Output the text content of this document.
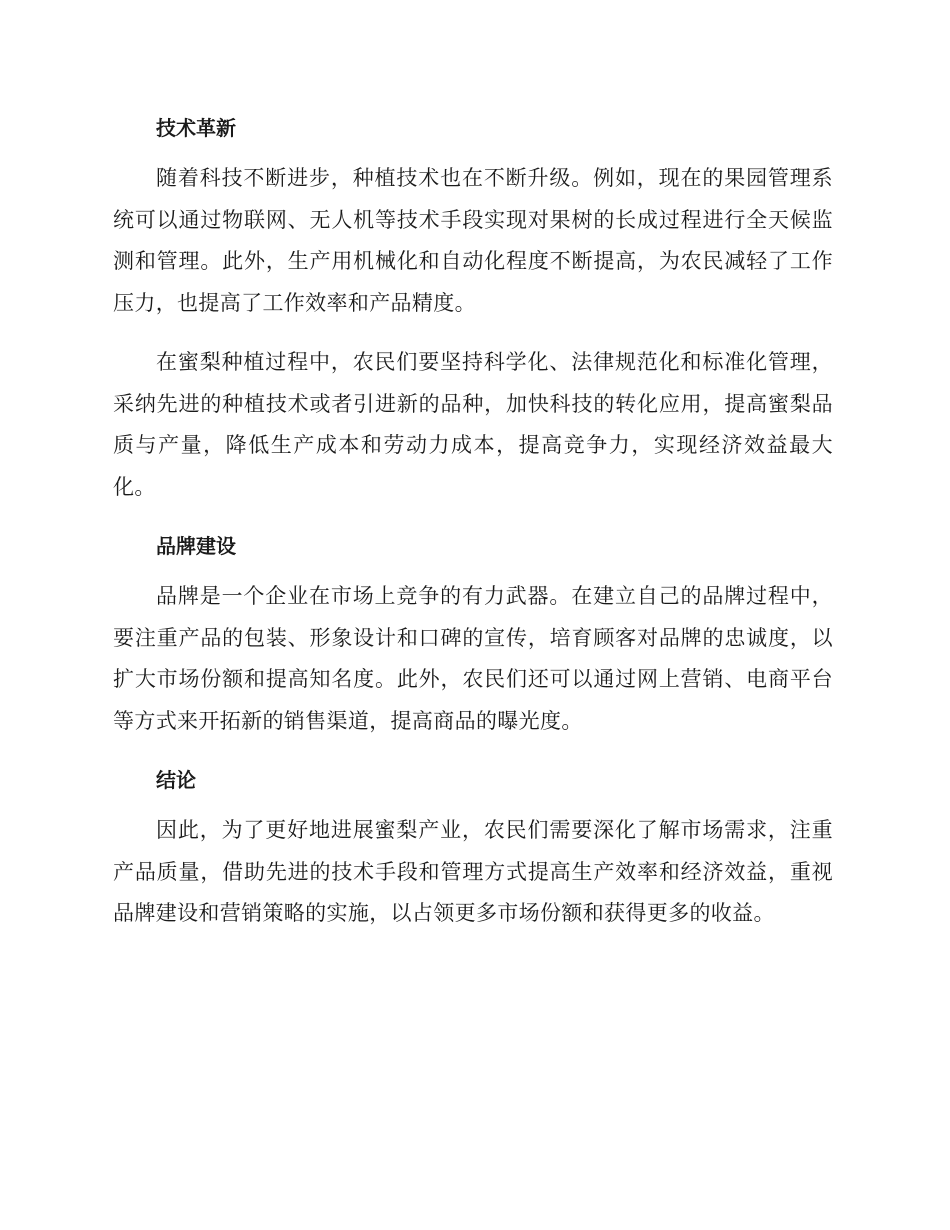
技术革新

随着科技不断进步，种植技术也在不断升级。例如，现在的果园管理系统可以通过物联网、无人机等技术手段实现对果树的长成过程进行全天候监测和管理。此外，生产用机械化和自动化程度不断提高，为农民减轻了工作压力，也提高了工作效率和产品精度。

在蜜梨种植过程中，农民们要坚持科学化、法律规范化和标准化管理，采纳先进的种植技术或者引进新的品种，加快科技的转化应用，提高蜜梨品质与产量，降低生产成本和劳动力成本，提高竞争力，实现经济效益最大化。

品牌建设

品牌是一个企业在市场上竞争的有力武器。在建立自己的品牌过程中，要注重产品的包装、形象设计和口碑的宣传，培育顾客对品牌的忠诚度，以扩大市场份额和提高知名度。此外，农民们还可以通过网上营销、电商平台等方式来开拓新的销售渠道，提高商品的曝光度。

结论

因此，为了更好地进展蜜梨产业，农民们需要深化了解市场需求，注重产品质量，借助先进的技术手段和管理方式提高生产效率和经济效益，重视品牌建设和营销策略的实施，以占领更多市场份额和获得更多的收益。
